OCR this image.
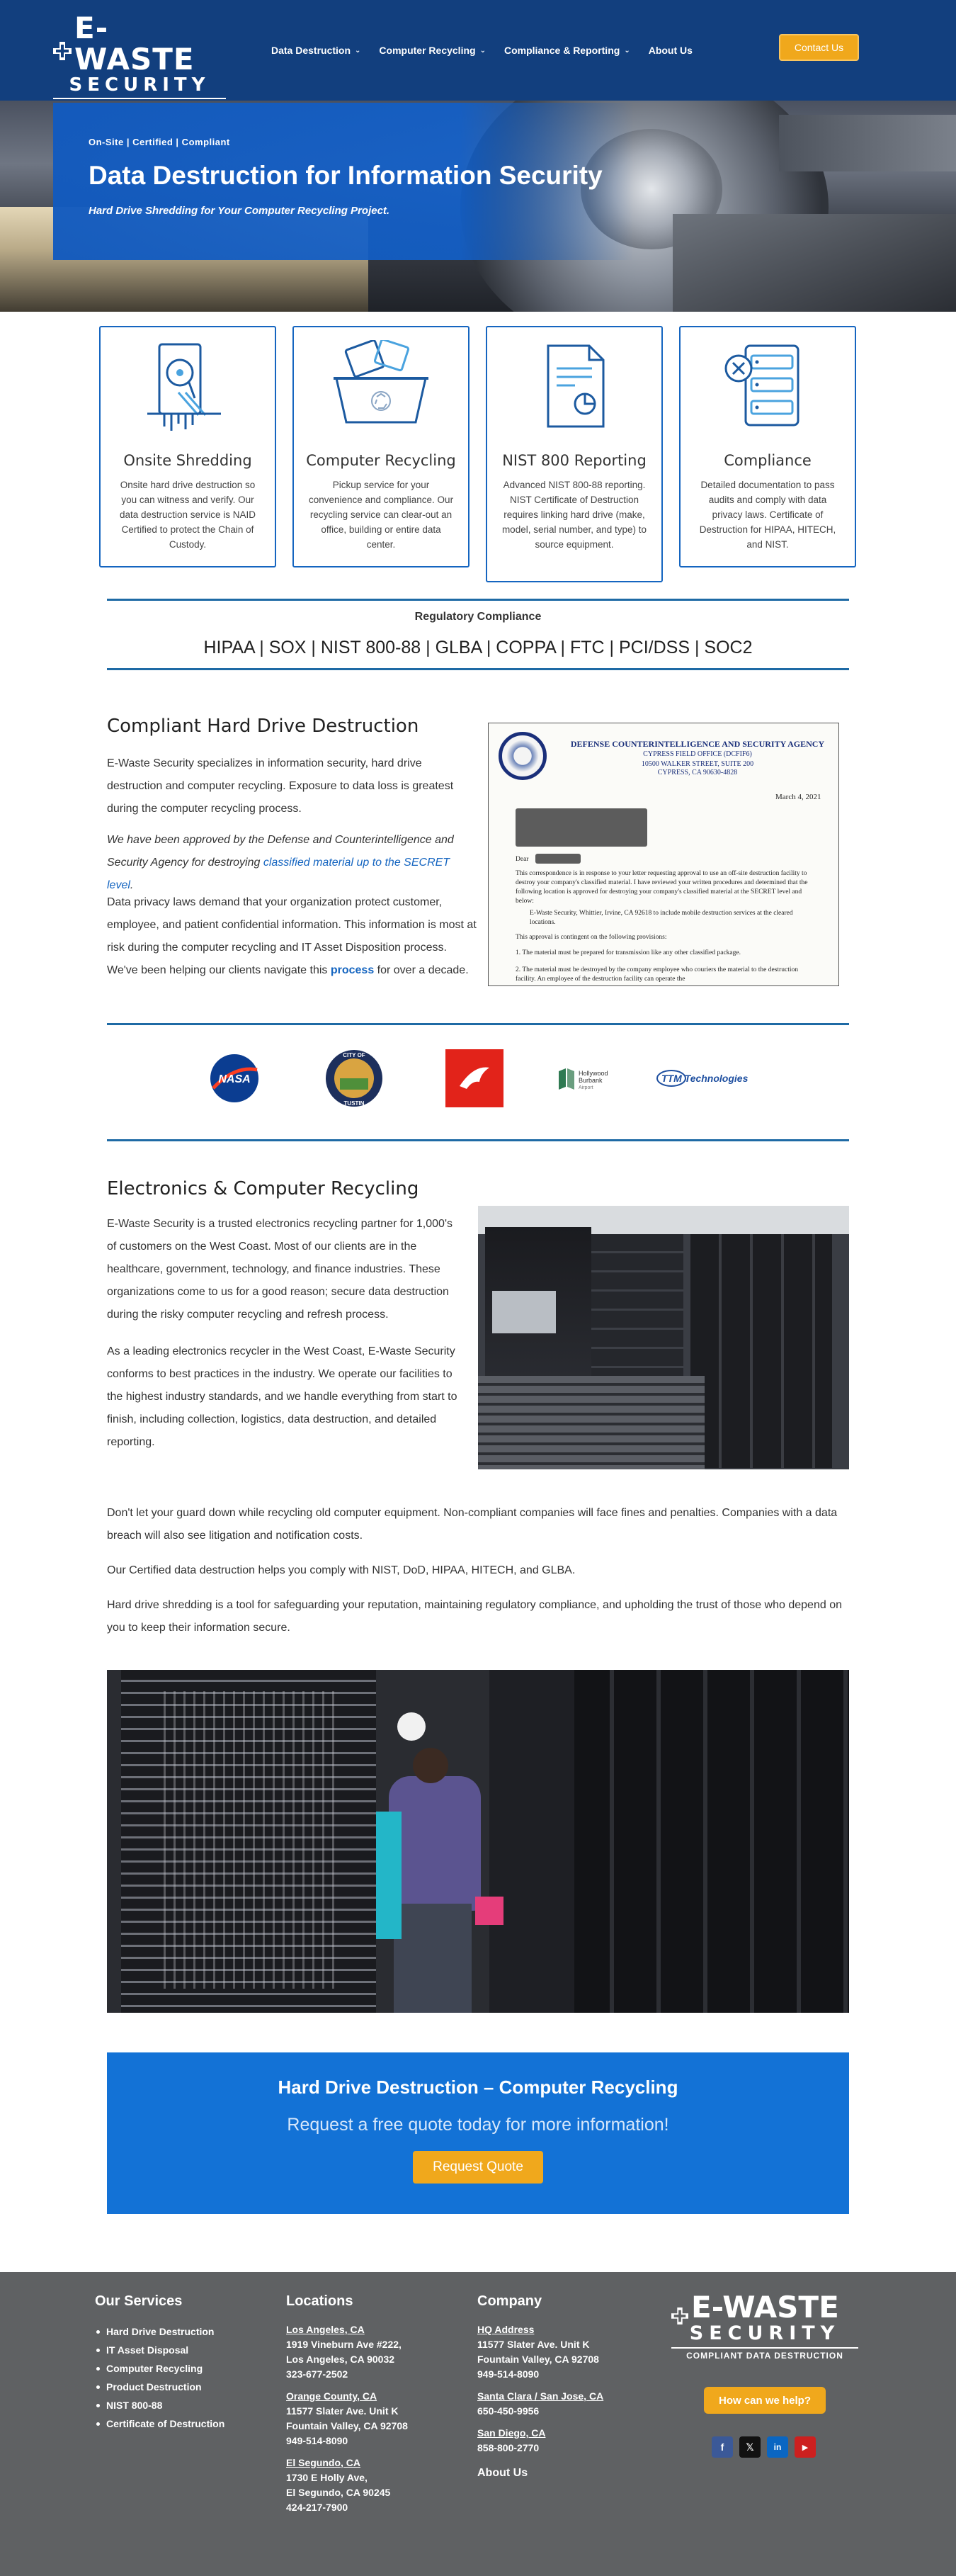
E-WASTE
SECURITY
Data Destruction ⌄ Computer Recycling ⌄ Compliance & Reporting ⌄ About Us	Contact Us
On-Site | Certified | Compliant
Data Destruction for Information Security
Hard Drive Shredding for Your Computer Recycling Project.
Onsite Shredding
Onsite hard drive destruction so you can witness and verify. Our data destruction service is NAID Certified to protect the Chain of Custody.
Computer Recycling
Pickup service for your convenience and compliance. Our recycling service can clear-out an office, building or entire data center.
NIST 800 Reporting
Advanced NIST 800-88 reporting. NIST Certificate of Destruction requires linking hard drive (make, model, serial number, and type) to source equipment.
Compliance
Detailed documentation to pass audits and comply with data privacy laws. Certificate of Destruction for HIPAA, HITECH, and NIST.
Regulatory Compliance
HIPAA | SOX | NIST 800-88 | GLBA | COPPA | FTC | PCI/DSS | SOC2
Compliant Hard Drive Destruction
E-Waste Security specializes in information security, hard drive destruction and computer recycling. Exposure to data loss is greatest during the computer recycling process.
We have been approved by the Defense and Counterintelligence and Security Agency for destroying classified material up to the SECRET level.
Data privacy laws demand that your organization protect customer, employee, and patient confidential information. This information is most at risk during the computer recycling and IT Asset Disposition process. We've been helping our clients navigate this process for over a decade.
DEFENSE COUNTERINTELLIGENCE AND SECURITY AGENCY
CYPRESS FIELD OFFICE (DCFIF6)
10500 WALKER STREET, SUITE 200
CYPRESS, CA 90630-4828
March 4, 2021
Dear
This correspondence is in response to your letter requesting approval to use an off-site destruction facility to destroy your company's classified material. I have reviewed your written procedures and determined that the following location is approved for destroying your company's classified material at the SECRET level and below:
E-Waste Security, Whittier, Irvine, CA 92618 to include mobile destruction services at the cleared locations.
This approval is contingent on the following provisions:
1. The material must be prepared for transmission like any other classified package.
2. The material must be destroyed by the company employee who couriers the material to the destruction facility. An employee of the destruction facility can operate the
NASA
CITY OF
TUSTIN
Hollywood
Burbank
Airport
TTM Technologies
Electronics & Computer Recycling
E-Waste Security is a trusted electronics recycling partner for 1,000's of customers on the West Coast. Most of our clients are in the healthcare, government, technology, and finance industries. These organizations come to us for a good reason; secure data destruction during the risky computer recycling and refresh process.
As a leading electronics recycler in the West Coast, E-Waste Security conforms to best practices in the industry. We operate our facilities to the highest industry standards, and we handle everything from start to finish, including collection, logistics, data destruction, and detailed reporting.
Don't let your guard down while recycling old computer equipment. Non-compliant companies will face fines and penalties. Companies with a data breach will also see litigation and notification costs.
Our Certified data destruction helps you comply with NIST, DoD, HIPAA, HITECH, and GLBA.
Hard drive shredding is a tool for safeguarding your reputation, maintaining regulatory compliance, and upholding the trust of those who depend on you to keep their information secure.
Hard Drive Destruction – Computer Recycling
Request a free quote today for more information!
Request Quote
Our Services
Hard Drive Destruction
IT Asset Disposal
Computer Recycling
Product Destruction
NIST 800-88
Certificate of Destruction
Locations
Los Angeles, CA
1919 Vineburn Ave #222,
Los Angeles, CA 90032
323-677-2502
Orange County, CA
11577 Slater Ave. Unit K
Fountain Valley, CA 92708
949-514-8090
El Segundo, CA
1730 E Holly Ave,
El Segundo, CA 90245
424-217-7900
Company
HQ Address
11577 Slater Ave. Unit K
Fountain Valley, CA 92708
949-514-8090
Santa Clara / San Jose, CA
650-450-9956
San Diego, CA
858-800-2770
About Us
E-WASTE
SECURITY
COMPLIANT DATA DESTRUCTION
How can we help?
f	𝕏	in	▶
